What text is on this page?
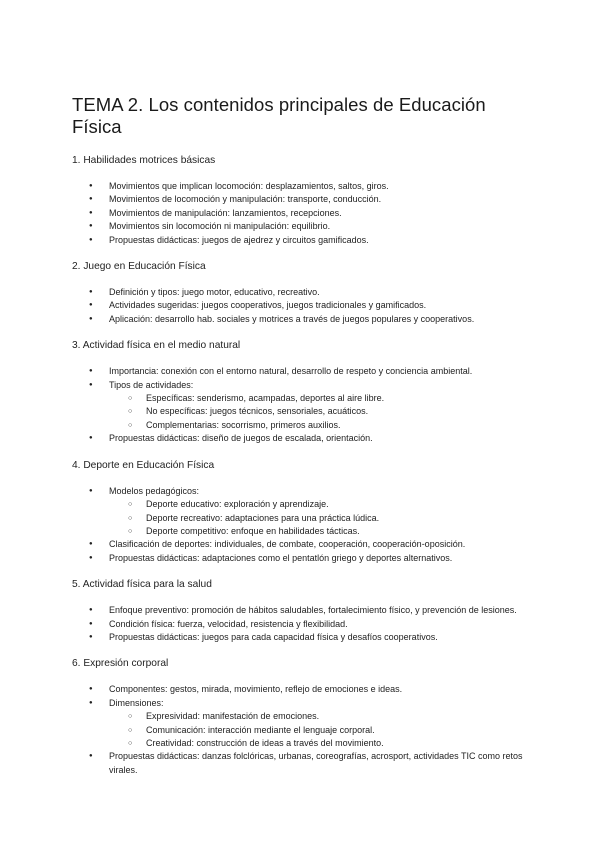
TEMA 2. Los contenidos principales de Educación Física
1. Habilidades motrices básicas
● Movimientos que implican locomoción: desplazamientos, saltos, giros.
● Movimientos de locomoción y manipulación: transporte, conducción.
● Movimientos de manipulación: lanzamientos, recepciones.
● Movimientos sin locomoción ni manipulación: equilibrio.
● Propuestas didácticas: juegos de ajedrez y circuitos gamificados.
2. Juego en Educación Física
● Definición y tipos: juego motor, educativo, recreativo.
● Actividades sugeridas: juegos cooperativos, juegos tradicionales y gamificados.
● Aplicación: desarrollo hab. sociales y motrices a través de juegos populares y cooperativos.
3. Actividad física en el medio natural
● Importancia: conexión con el entorno natural, desarrollo de respeto y conciencia ambiental.
● Tipos de actividades:
○ Específicas: senderismo, acampadas, deportes al aire libre.
○ No específicas: juegos técnicos, sensoriales, acuáticos.
○ Complementarias: socorrismo, primeros auxilios.
● Propuestas didácticas: diseño de juegos de escalada, orientación.
4. Deporte en Educación Física
● Modelos pedagógicos:
○ Deporte educativo: exploración y aprendizaje.
○ Deporte recreativo: adaptaciones para una práctica lúdica.
○ Deporte competitivo: enfoque en habilidades tácticas.
● Clasificación de deportes: individuales, de combate, cooperación, cooperación-oposición.
● Propuestas didácticas: adaptaciones como el pentatlón griego y deportes alternativos.
5. Actividad física para la salud
● Enfoque preventivo: promoción de hábitos saludables, fortalecimiento físico, y prevención de lesiones.
● Condición física: fuerza, velocidad, resistencia y flexibilidad.
● Propuestas didácticas: juegos para cada capacidad física y desafíos cooperativos.
6. Expresión corporal
● Componentes: gestos, mirada, movimiento, reflejo de emociones e ideas.
● Dimensiones:
○ Expresividad: manifestación de emociones.
○ Comunicación: interacción mediante el lenguaje corporal.
○ Creatividad: construcción de ideas a través del movimiento.
● Propuestas didácticas: danzas folclóricas, urbanas, coreografías, acrosport, actividades TIC como retos virales.
